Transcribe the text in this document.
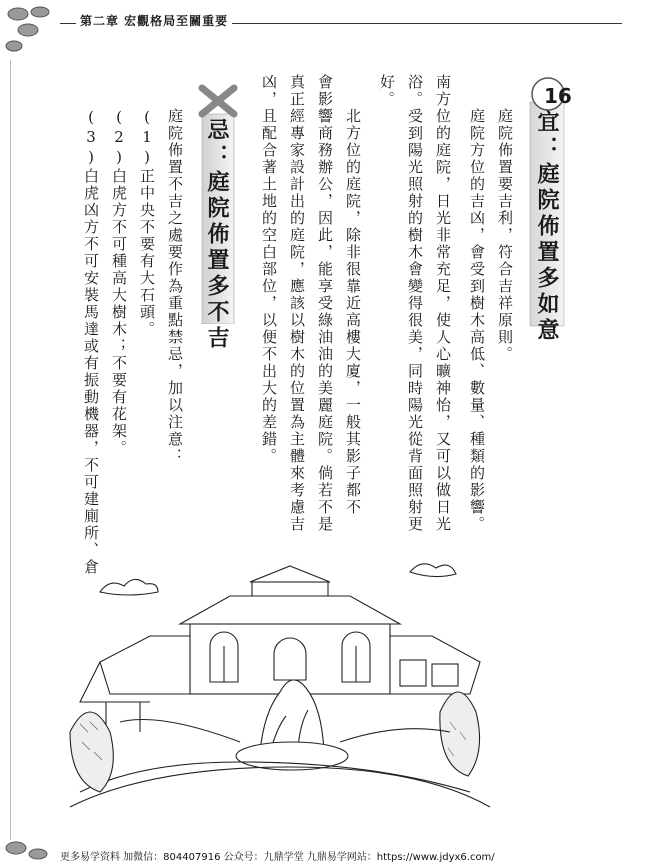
第二章 宏觀格局至關重要
16
宜：庭院佈置多如意
庭院佈置要吉利，符合吉祥原則。
庭院方位的吉凶，會受到樹木高低、數量、種類的影響。
南方位的庭院，日光非常充足，使人心曠神怡，又可以做日光
浴。受到陽光照射的樹木會變得很美，同時陽光從背面照射更
好。
北方位的庭院，除非很靠近高樓大廈，一般其影子都不
會影響商務辦公，因此，能享受綠油油的美麗庭院。倘若不是
真正經專家設計出的庭院，應該以樹木的位置為主體來考慮吉
凶，且配合著土地的空白部位，以便不出大的差錯。
忌：庭院佈置多不吉
庭院佈置不吉之處要作為重點禁忌，加以注意：
(1)正中央不要有大石頭。
(2)白虎方不可種高大樹木；不要有花架。
(3)白虎凶方不可安裝馬達或有振動機器，不可建廁所、倉
更多易学资料 加微信：804407916 公众号：九鼎学堂 九鼎易学网站：https://www.jdyx6.com/
